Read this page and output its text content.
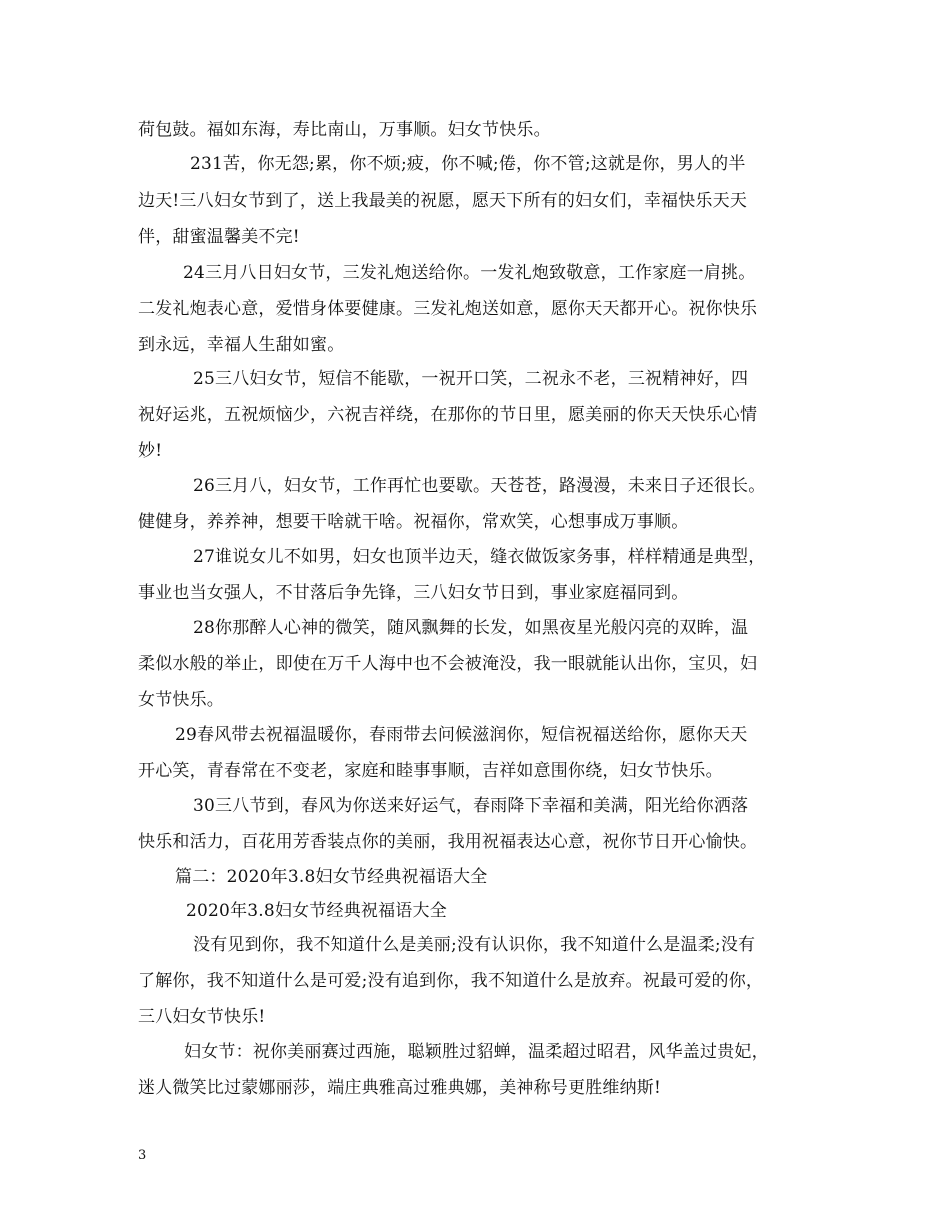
荷包鼓。福如东海，寿比南山，万事顺。妇女节快乐。
231苦，你无怨;累，你不烦;疲，你不喊;倦，你不管;这就是你，男人的半
边天!三八妇女节到了，送上我最美的祝愿，愿天下所有的妇女们，幸福快乐天天
伴，甜蜜温馨美不完!
24三月八日妇女节，三发礼炮送给你。一发礼炮致敬意，工作家庭一肩挑。
二发礼炮表心意，爱惜身体要健康。三发礼炮送如意，愿你天天都开心。祝你快乐
到永远，幸福人生甜如蜜。
25三八妇女节，短信不能歇，一祝开口笑，二祝永不老，三祝精神好，四
祝好运兆，五祝烦恼少，六祝吉祥绕，在那你的节日里，愿美丽的你天天快乐心情
妙!
26三月八，妇女节，工作再忙也要歇。天苍苍，路漫漫，未来日子还很长。
健健身，养养神，想要干啥就干啥。祝福你，常欢笑，心想事成万事顺。
27谁说女儿不如男，妇女也顶半边天，缝衣做饭家务事，样样精通是典型，
事业也当女强人，不甘落后争先锋，三八妇女节日到，事业家庭福同到。
28你那醉人心神的微笑，随风飘舞的长发，如黑夜星光般闪亮的双眸，温
柔似水般的举止，即使在万千人海中也不会被淹没，我一眼就能认出你，宝贝，妇
女节快乐。
29春风带去祝福温暖你，春雨带去问候滋润你，短信祝福送给你，愿你天天
开心笑，青春常在不变老，家庭和睦事事顺，吉祥如意围你绕，妇女节快乐。
30三八节到，春风为你送来好运气，春雨降下幸福和美满，阳光给你洒落
快乐和活力，百花用芳香装点你的美丽，我用祝福表达心意，祝你节日开心愉快。
篇二：2020年3.8妇女节经典祝福语大全
2020年3.8妇女节经典祝福语大全
没有见到你，我不知道什么是美丽;没有认识你，我不知道什么是温柔;没有
了解你，我不知道什么是可爱;没有追到你，我不知道什么是放弃。祝最可爱的你，
三八妇女节快乐!
妇女节：祝你美丽赛过西施，聪颖胜过貂蝉，温柔超过昭君，风华盖过贵妃，
迷人微笑比过蒙娜丽莎，端庄典雅高过雅典娜，美神称号更胜维纳斯!
3
